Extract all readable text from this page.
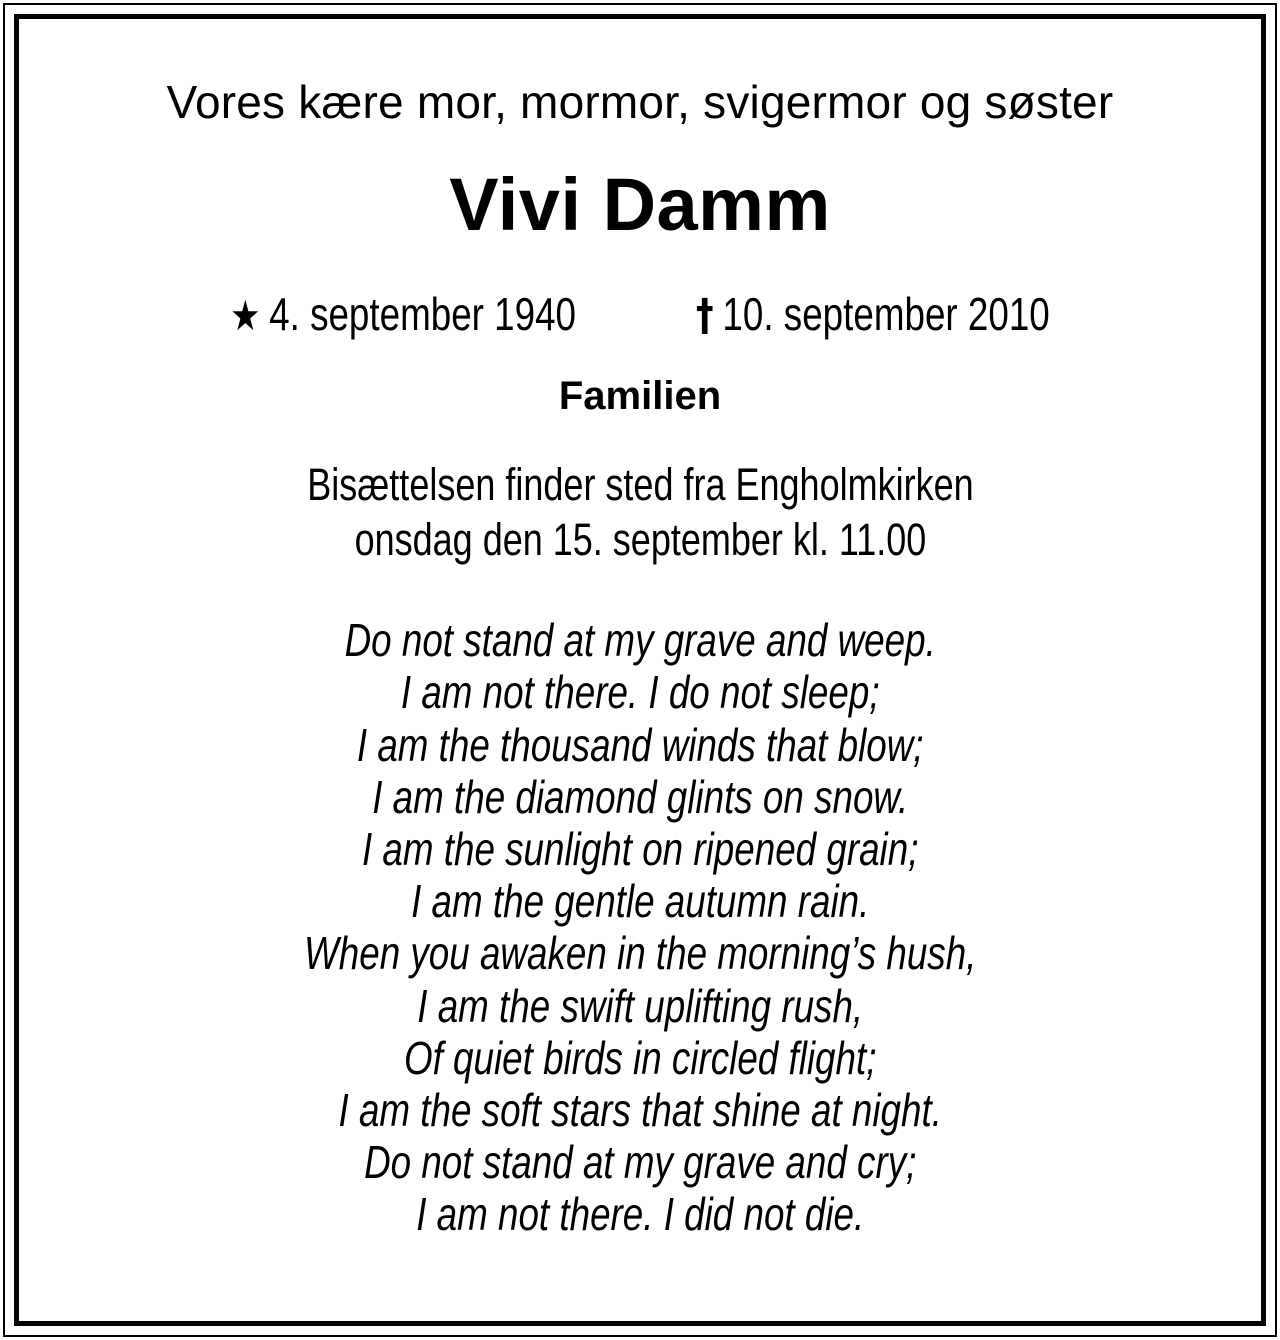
Vores kære mor, mormor, svigermor og søster
Vivi Damm
★ 4. september 1940	† 10. september 2010
Familien
Bisættelsen finder sted fra Engholmkirken
onsdag den 15. september kl. 11.00
Do not stand at my grave and weep.
I am not there. I do not sleep;
I am the thousand winds that blow;
I am the diamond glints on snow.
I am the sunlight on ripened grain;
I am the gentle autumn rain.
When you awaken in the morning’s hush,
I am the swift uplifting rush,
Of quiet birds in circled flight;
I am the soft stars that shine at night.
Do not stand at my grave and cry;
I am not there. I did not die.
